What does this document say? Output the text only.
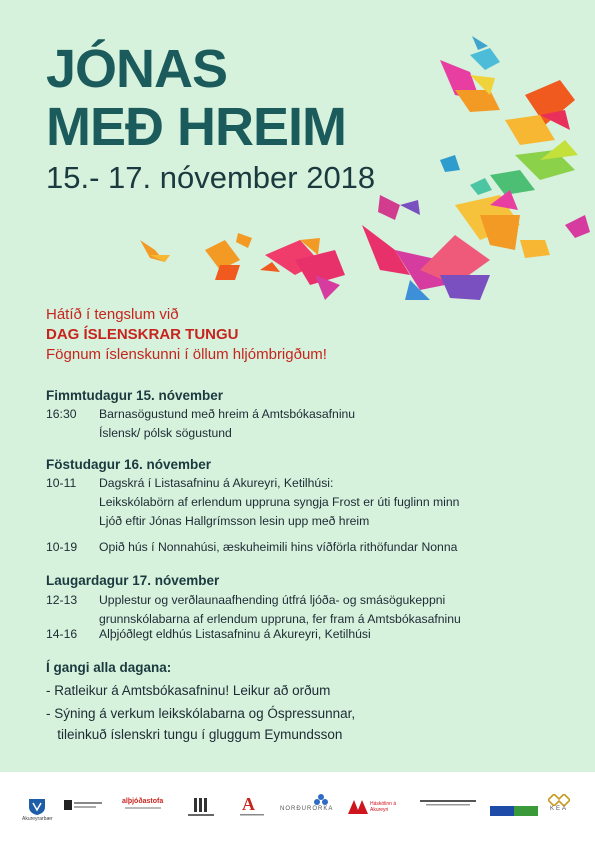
JÓNAS
MEÐ HREIM
15.- 17. nóvember 2018
Hátíð í tengslum við
DAG ÍSLENSKRAR TUNGU
Fögnum íslenskunni í öllum hljómbrigðum!
Fimmtudagur 15. nóvember
16:30	Barnasögustund með hreim á Amtsbókasafninu
Íslensk/ pólsk sögustund
Föstudagur 16. nóvember
10-11	Dagskrá í Listasafninu á Akureyri, Ketilhúsi:
Leikskólabörn af erlendum uppruna syngja Frost er úti fuglinn minn
Ljóð eftir Jónas Hallgrímsson lesin upp með hreim
10-19	Opið hús í Nonnahúsi, æskuheimili hins víðförla rithöfundar Nonna
Laugardagur 17. nóvember
12-13	Upplestur og verðlaunaafhending útfrá ljóða- og smásögukeppni
grunnskólabarna af erlendum uppruna, fer fram á Amtsbókasafninu
14-16	Alþjóðlegt eldhús Listasafninu á Akureyri, Ketilhúsi
Í gangi alla dagana:
- Ratleikur á Amtsbókasafninu! Leikur að orðum
- Sýning á verkum leikskólabarna og Óspressunnar,
tileinkuð íslenskri tungu í gluggum Eymundsson
Akureyrarbær
alþjóðastofa	A	NORÐURORKA
Háskólinn á Akureyri	KEA
